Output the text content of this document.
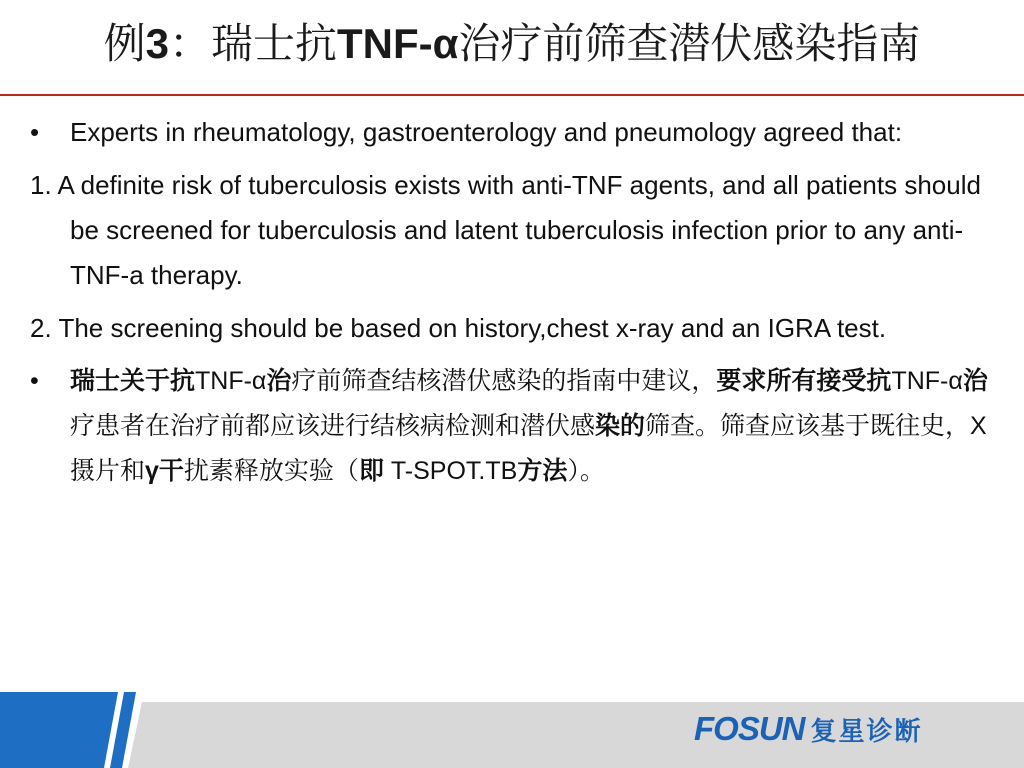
例3：瑞士抗TNF-α治疗前筛查潜伏感染指南
•	Experts in rheumatology, gastroenterology and pneumology agreed that:
1. A definite risk of tuberculosis exists with anti-TNF agents, and all patients should be screened for tuberculosis and latent tuberculosis infection prior to any anti-TNF-a therapy.
2. The screening should be based on history,chest x-ray and an IGRA test.
•	瑞士关于抗TNF-α治疗前筛查结核潜伏感染的指南中建议，要求所有接受抗TNF-α治疗患者在治疗前都应该进行结核病检测和潜伏感染的筛查。筛查应该基于既往史，X摄片和γ干扰素释放实验（即 T-SPOT.TB方法）。
FOSUN 复星诊断
